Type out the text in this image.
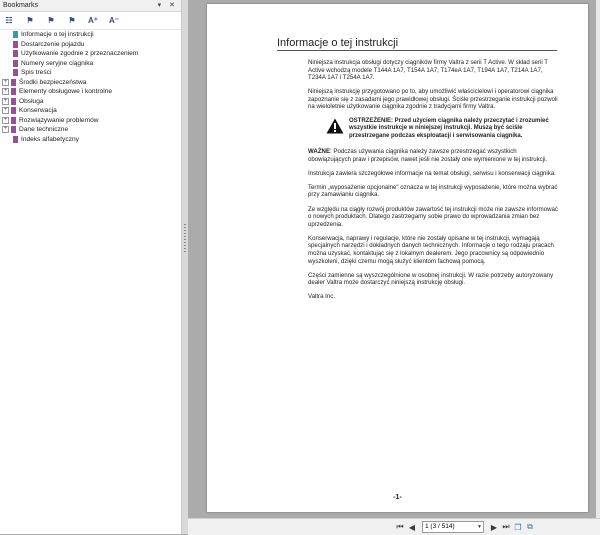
Bookmarks	▾ ✕
☷ ⚑ ⚑ ⚑ A⁺ A⁻
Informacje o tej instrukcji
Dostarczenie pojazdu
Użytkowanie zgodnie z przeznaczeniem
Numery seryjne ciągnika
Spis treści
+ Środki bezpieczeństwa
+ Elementy obsługowe i kontrolne
+ Obsługa
+ Konserwacja
+ Rozwiązywanie problemów
+ Dane techniczne
Indeks alfabetyczny
Informacje o tej instrukcji

Niniejsza instrukcja obsługi dotyczy ciągników firmy Valtra z serii T Active. W skład serii T Active wchodzą modele T144A 1A7, T154A 1A7, T174eA 1A7, T194A 1A7, T214A 1A7, T234A 1A7 i T254A 1A7.

Niniejszą instrukcję przygotowano po to, aby umożliwić właścicielowi i operatorowi ciągnika zapoznanie się z zasadami jego prawidłowej obsługi. Ściśle przestrzeganie instrukcji pozwoli na wieloletnie użytkowanie ciągnika zgodnie z tradycjami firmy Valtra.

OSTRZEŻENIE: Przed użyciem ciągnika należy przeczytać i zrozumieć wszystkie instrukcje w niniejszej instrukcji. Muszą być ściśle przestrzegane podczas eksploatacji i serwisowania ciągnika.

WAŻNE: Podczas używania ciągnika należy zawsze przestrzegać wszystkich obowiązujących praw i przepisów, nawet jeśli nie zostały one wymienione w tej instrukcji.

Instrukcja zawiera szczegółowe informacje na temat obsługi, serwisu i konserwacji ciągnika.

Termin „wyposażenie opcjonalne" oznacza w tej instrukcji wyposażenie, które można wybrać przy zamawianiu ciągnika.

Ze względu na ciągły rozwój produktów zawartość tej instrukcji może nie zawsze informować o nowych produktach. Dlatego zastrzegamy sobie prawo do wprowadzania zmian bez uprzedzenia.

Konserwacja, naprawy i regulacje, które nie zostały opisane w tej instrukcji, wymagają specjalnych narzędzi i dokładnych danych technicznych. Informacje o tego rodzaju pracach można uzyskać, kontaktując się z lokalnym dealerem. Jego pracownicy są odpowiednio wyszkoleni, dzięki czemu mogą służyć klientom fachową pomocą.

Części zamienne są wyszczególnione w osobnej instrukcji. W razie potrzeby autoryzowany dealer Valtra może dostarczyć niniejszą instrukcję obsługi.

Valtra Inc.

-1-
⏮ ◀	1 (3 / 514)	▼	▶ ⏭ ❐ ⧉
